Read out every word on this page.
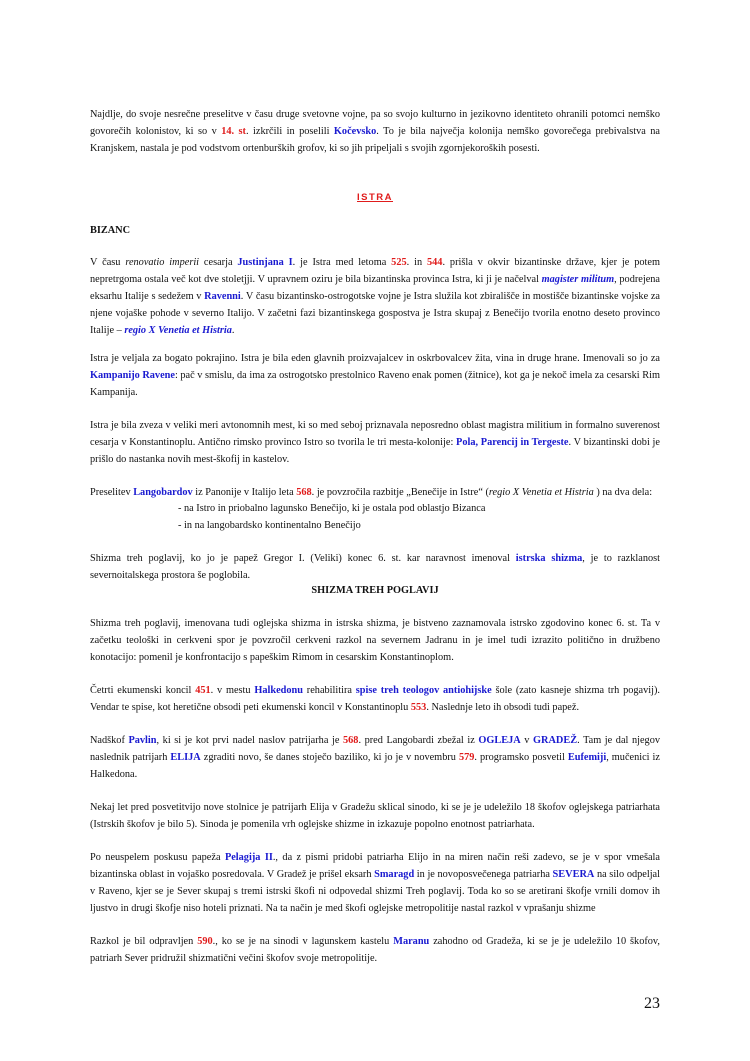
Najdlje, do svoje nesrečne preselitve v času druge svetovne vojne, pa so svojo kulturno in jezikovno identiteto ohranili potomci nemško govorečih kolonistov, ki so v 14. st. izkrčili in poselili Kočevsko. To je bila največja kolonija nemško govorečega prebivalstva na Kranjskem, nastala je pod vodstvom ortenburških grofov, ki so jih pripeljali s svojih zgornjekoroških posesti.
ISTRA
BIZANC
V času renovatio imperii cesarja Justinjana I. je Istra med letoma 525. in 544. prišla v okvir bizantinske države, kjer je potem nepretrgoma ostala več kot dve stoletjji. V upravnem oziru je bila bizantinska provinca Istra, ki ji je načelval magister militum, podrejena eksarhu Italije s sedežem v Ravenni. V času bizantinsko-ostrogotske vojne je Istra služila kot zbirališče in mostišče bizantinske vojske za njene vojaške pohode v severno Italijo. V začetni fazi bizantinskega gospostva je Istra skupaj z Benečijo tvorila enotno deseto provinco Italije – regio X Venetia et Histria.
Istra je veljala za bogato pokrajino. Istra je bila eden glavnih proizvajalcev in oskrbovalcev žita, vina in druge hrane. Imenovali so jo za Kampanijo Ravene: pač v smislu, da ima za ostrogotsko prestolnico Raveno enak pomen (žitnice), kot ga je nekoč imela za cesarski Rim Kampanija.
Istra je bila zveza v veliki meri avtonomnih mest, ki so med seboj priznavala neposredno oblast magistra militium in formalno suverenost cesarja v Konstantinoplu. Antično rimsko provinco Istro so tvorila le tri mesta-kolonije: Pola, Parencij in Tergeste. V bizantinski dobi je prišlo do nastanka novih mest-škofij in kastelov.
Preselitev Langobardov iz Panonije v Italijo leta 568. je povzročila razbitje „Benečije in Istre“ (regio X Venetia et Histria ) na dva dela:
- na Istro in priobalno lagunsko Benečijo, ki je ostala pod oblastjo Bizanca
- in na langobardsko kontinentalno Benečijo
Shizma treh poglavij, ko jo je papež Gregor I. (Veliki) konec 6. st. kar naravnost imenoval istrska shizma, je to razklanost severnoitalskega prostora še poglobila.
SHIZMA TREH POGLAVIJ
Shizma treh poglavij, imenovana tudi oglejska shizma in istrska shizma, je bistveno zaznamovala istrsko zgodovino konec 6. st. Ta v začetku teološki in cerkveni spor je povzročil cerkveni razkol na severnem Jadranu in je imel tudi izrazito politično in družbeno konotacijo: pomenil je konfrontacijo s papeškim Rimom in cesarskim Konstantinoplom.
Četrti ekumenski koncil 451. v mestu Halkedonu rehabilitira spise treh teologov antiohijske šole (zato kasneje shizma trh pogavij). Vendar te spise, kot heretične obsodi peti ekumenski koncil v Konstantinoplu 553. Naslednje leto ih obsodi tudi papež.
Nadškof Pavlin, ki si je kot prvi nadel naslov patrijarha je 568. pred Langobardi zbežal iz OGLEJA v GRADEŽ. Tam je dal njegov naslednik patrijarh ELIJA zgraditi novo, še danes stoječo baziliko, ki jo je v novembru 579. programsko posvetil Eufemiji, mučenici iz Halkedona.
Nekaj let pred posvetitvijo nove stolnice je patrijarh Elija v Gradežu sklical sinodo, ki se je je udeležilo 18 škofov oglejskega patriarhata (Istrskih škofov je bilo 5). Sinoda je pomenila vrh oglejske shizme in izkazuje popolno enotnost patriarhata.
Po neuspelem poskusu papeža Pelagija II., da z pismi pridobi patriarha Elijo in na miren način reši zadevo, se je v spor vmešala bizantinska oblast in vojaško posredovala. V Gradež je prišel eksarh Smaragd in je novoposvečenega patriarha SEVERA na silo odpeljal v Raveno, kjer se je Sever skupaj s tremi istrski škofi ni odpovedal shizmi Treh poglavij. Toda ko so se aretirani škofje vrnili domov ih ljustvo in drugi škofje niso hoteli priznati. Na ta način je med škofi oglejske metropolitije nastal razkol v vprašanju shizme
Razkol je bil odpravljen 590., ko se je na sinodi v lagunskem kastelu Maranu zahodno od Gradeža, ki se je je udeležilo 10 škofov, patriarh Sever pridružil shizmatični večini škofov svoje metropolitije.
23
